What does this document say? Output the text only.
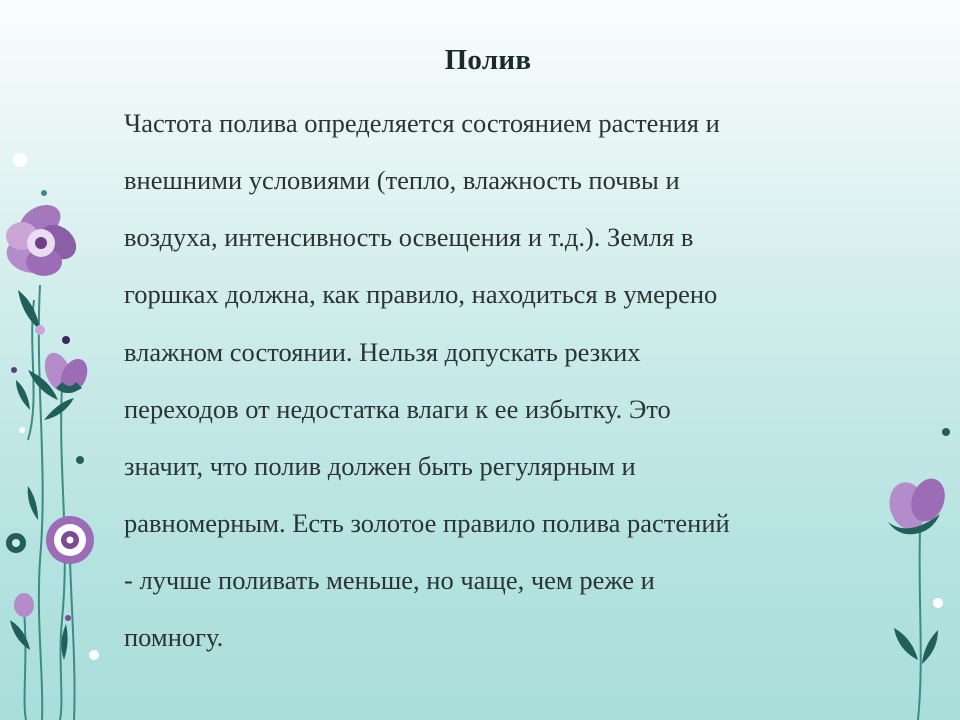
Полив
Частота полива определяется состоянием растения и
внешними условиями (тепло, влажность почвы и
воздуха, интенсивность освещения и т.д.). Земля в
горшках должна, как правило, находиться в умерено
влажном состоянии. Нельзя допускать резких
переходов от недостатка влаги к ее избытку. Это
значит, что полив должен быть регулярным и
равномерным. Есть золотое правило полива растений
- лучше поливать меньше, но чаще, чем реже и
помногу.
